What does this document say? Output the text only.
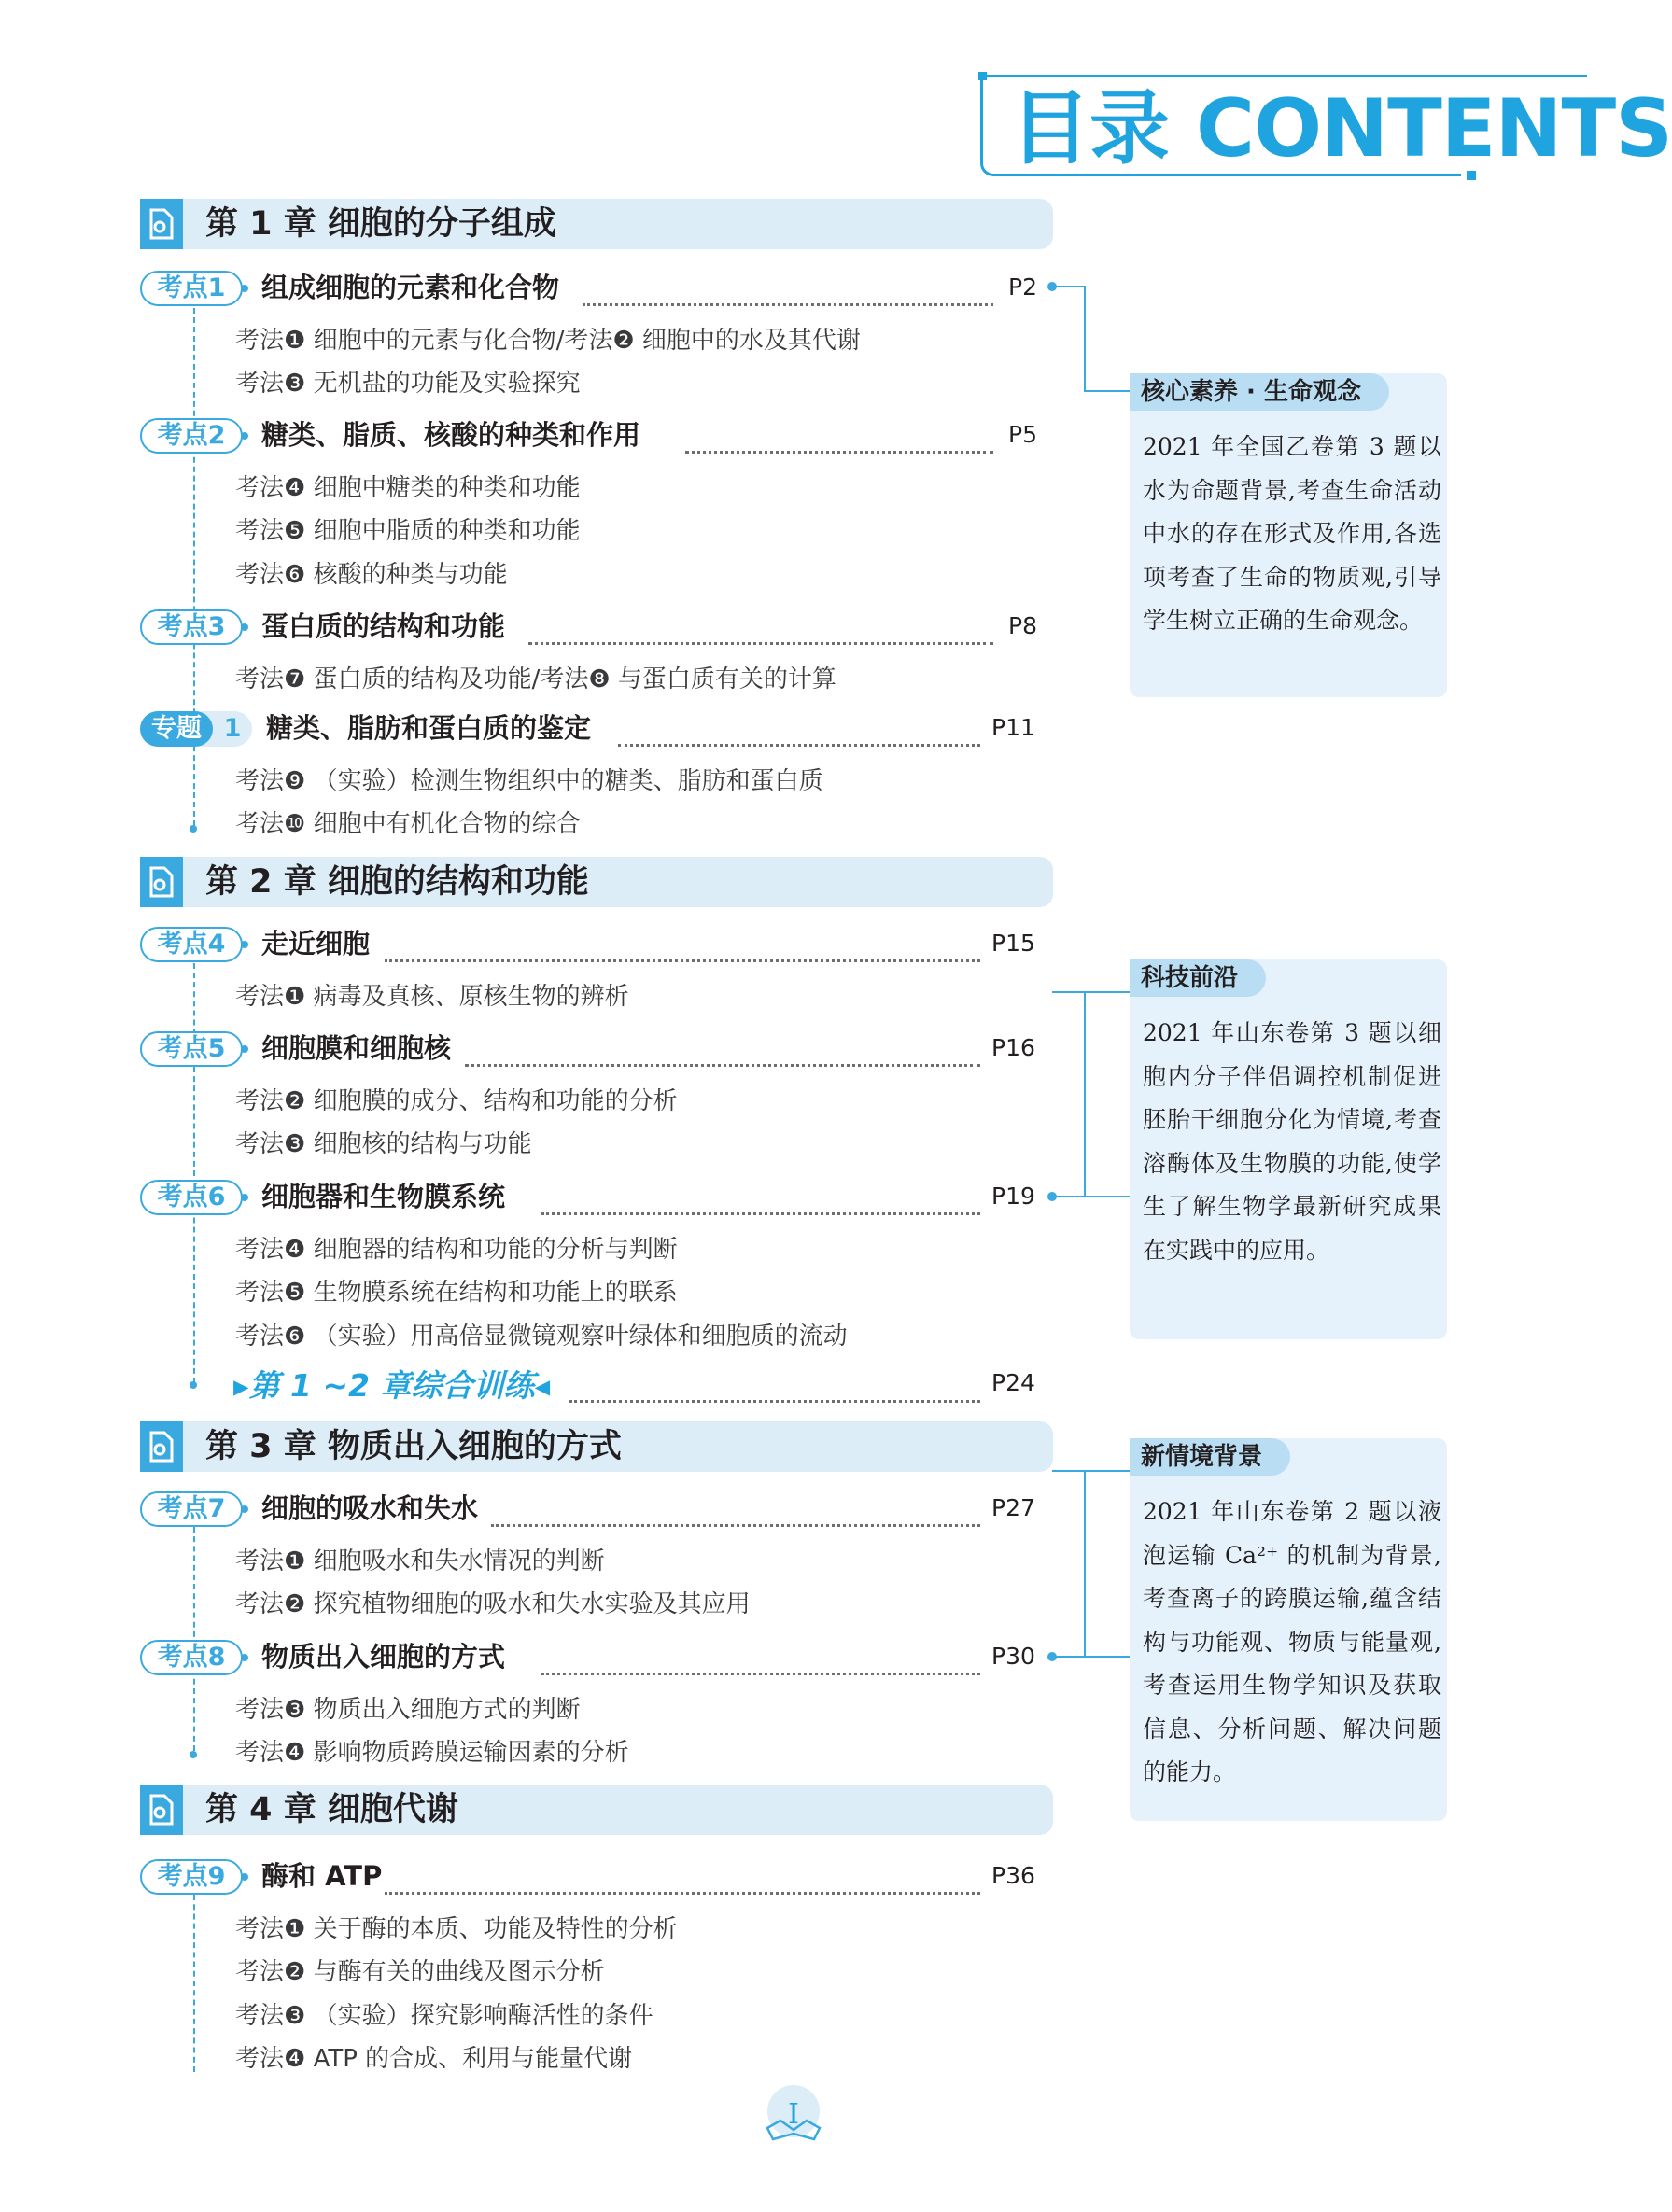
目录 CONTENTS
第 1 章 细胞的分子组成
第 2 章 细胞的结构和功能
第 3 章 物质出入细胞的方式
第 4 章 细胞代谢
考点1	组成细胞的元素和化合物	P2
考法❶ 细胞中的元素与化合物/考法❷ 细胞中的水及其代谢
考法❸ 无机盐的功能及实验探究
考点2	糖类、脂质、核酸的种类和作用	P5
考法❹ 细胞中糖类的种类和功能
考法❺ 细胞中脂质的种类和功能
考法❻ 核酸的种类与功能
考点3	蛋白质的结构和功能	P8
考法❼ 蛋白质的结构及功能/考法❽ 与蛋白质有关的计算
专题 1 糖类、脂肪和蛋白质的鉴定	P11
考法❾ （实验）检测生物组织中的糖类、脂肪和蛋白质
考法❿ 细胞中有机化合物的综合
考点4	走近细胞	P15
考法❶ 病毒及真核、原核生物的辨析
考点5	细胞膜和细胞核	P16
考法❷ 细胞膜的成分、结构和功能的分析
考法❸ 细胞核的结构与功能
考点6	细胞器和生物膜系统	P19
考法❹ 细胞器的结构和功能的分析与判断
考法❺ 生物膜系统在结构和功能上的联系
考法❻ （实验）用高倍显微镜观察叶绿体和细胞质的流动
▸第 1 ~2 章综合训练◂	P24
考点7	细胞的吸水和失水	P27
考法❶ 细胞吸水和失水情况的判断
考法❷ 探究植物细胞的吸水和失水实验及其应用
考点8	物质出入细胞的方式	P30
考法❸ 物质出入细胞方式的判断
考法❹ 影响物质跨膜运输因素的分析
考点9	酶和 ATP	P36
考法❶ 关于酶的本质、功能及特性的分析
考法❷ 与酶有关的曲线及图示分析
考法❸ （实验）探究影响酶活性的条件
考法❹ ATP 的合成、利用与能量代谢
核心素养 · 生命观念
2021 年全国乙卷第 3 题以水为命题背景,考查生命活动中水的存在形式及作用,各选项考查了生命的物质观,引导学生树立正确的生命观念。
科技前沿
2021 年山东卷第 3 题以细胞内分子伴侣调控机制促进胚胎干细胞分化为情境,考查溶酶体及生物膜的功能,使学生了解生物学最新研究成果在实践中的应用。
新情境背景
2021 年山东卷第 2 题以液泡运输 Ca²⁺ 的机制为背景,考查离子的跨膜运输,蕴含结构与功能观、物质与能量观,考查运用生物学知识及获取信息、分析问题、解决问题的能力。
I
